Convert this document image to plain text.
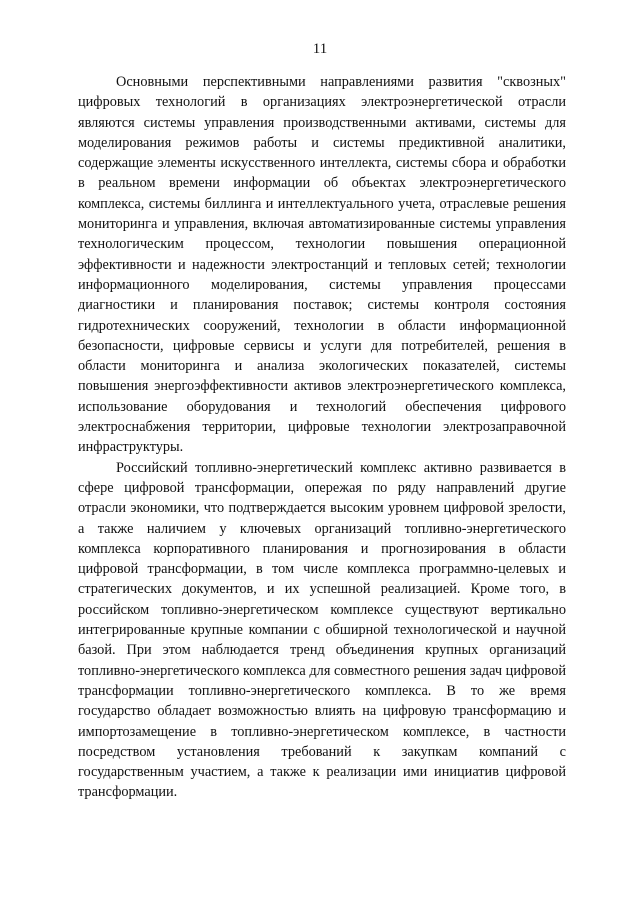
11

Основными перспективными направлениями развития "сквозных" цифровых технологий в организациях электроэнергетической отрасли являются системы управления производственными активами, системы для моделирования режимов работы и системы предиктивной аналитики, содержащие элементы искусственного интеллекта, системы сбора и обработки в реальном времени информации об объектах электроэнергетического комплекса, системы биллинга и интеллектуального учета, отраслевые решения мониторинга и управления, включая автоматизированные системы управления технологическим процессом, технологии повышения операционной эффективности и надежности электростанций и тепловых сетей; технологии информационного моделирования, системы управления процессами диагностики и планирования поставок; системы контроля состояния гидротехнических сооружений, технологии в области информационной безопасности, цифровые сервисы и услуги для потребителей, решения в области мониторинга и анализа экологических показателей, системы повышения энергоэффективности активов электроэнергетического комплекса, использование оборудования и технологий обеспечения цифрового электроснабжения территории, цифровые технологии электрозаправочной инфраструктуры.

Российский топливно-энергетический комплекс активно развивается в сфере цифровой трансформации, опережая по ряду направлений другие отрасли экономики, что подтверждается высоким уровнем цифровой зрелости, а также наличием у ключевых организаций топливно-энергетического комплекса корпоративного планирования и прогнозирования в области цифровой трансформации, в том числе комплекса программно-целевых и стратегических документов, и их успешной реализацией. Кроме того, в российском топливно-энергетическом комплексе существуют вертикально интегрированные крупные компании с обширной технологической и научной базой. При этом наблюдается тренд объединения крупных организаций топливно-энергетического комплекса для совместного решения задач цифровой трансформации топливно-энергетического комплекса. В то же время государство обладает возможностью влиять на цифровую трансформацию и импортозамещение в топливно-энергетическом комплексе, в частности посредством установления требований к закупкам компаний с государственным участием, а также к реализации ими инициатив цифровой трансформации.
